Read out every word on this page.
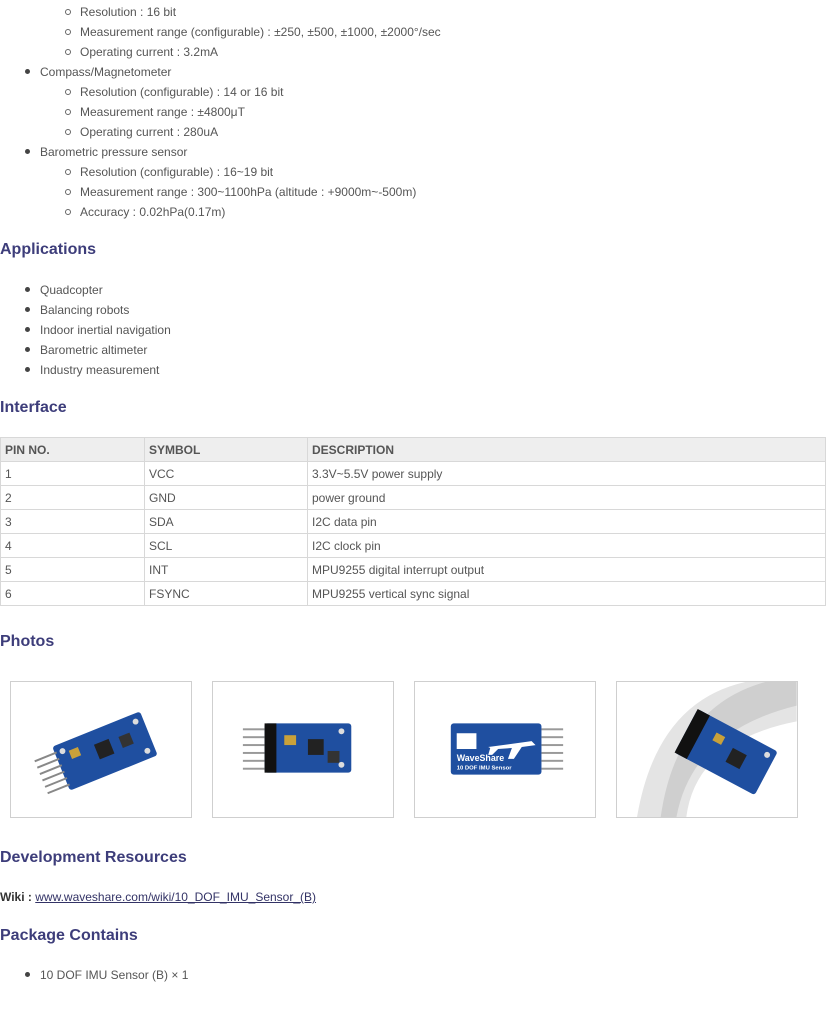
Resolution : 16 bit
Measurement range (configurable) : ±250, ±500, ±1000, ±2000°/sec
Operating current : 3.2mA
Compass/Magnetometer
Resolution (configurable) : 14 or 16 bit
Measurement range : ±4800μT
Operating current : 280uA
Barometric pressure sensor
Resolution (configurable) : 16~19 bit
Measurement range : 300~1100hPa (altitude : +9000m~-500m)
Accuracy : 0.02hPa(0.17m)
Applications
Quadcopter
Balancing robots
Indoor inertial navigation
Barometric altimeter
Industry measurement
Interface
PIN NO.	SYMBOL	DESCRIPTION
1	VCC	3.3V~5.5V power supply
2	GND	power ground
3	SDA	I2C data pin
4	SCL	I2C clock pin
5	INT	MPU9255 digital interrupt output
6	FSYNC	MPU9255 vertical sync signal
Photos
WaveShare
10 DOF IMU Sensor
Development Resources
Wiki : www.waveshare.com/wiki/10_DOF_IMU_Sensor_(B)
Package Contains
10 DOF IMU Sensor (B) × 1
